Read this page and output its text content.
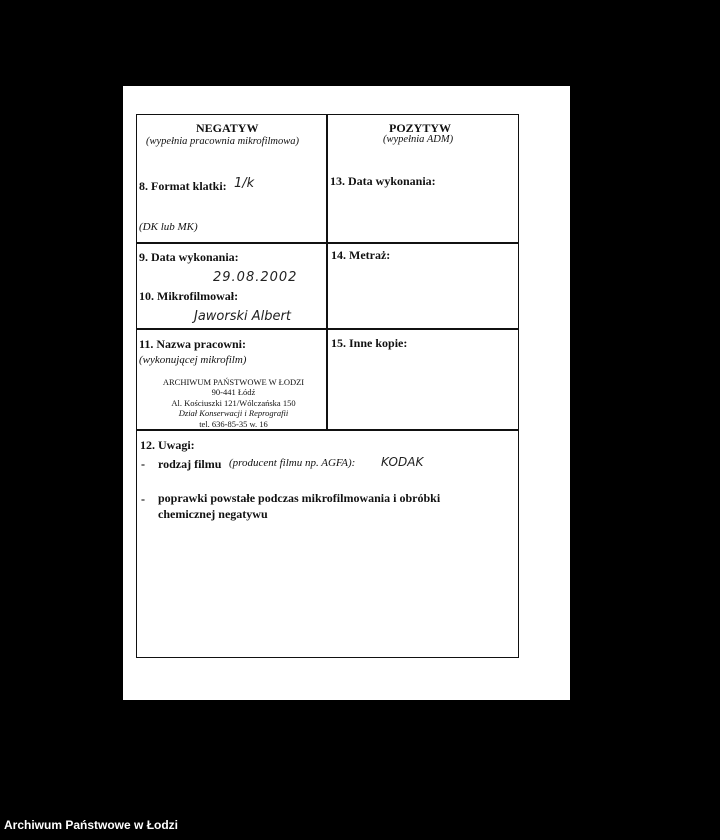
NEGATYW
(wypełnia pracownia mikrofilmowa)
POZYTYW
(wypełnia ADM)
8. Format klatki: 1/k
(DK lub MK)
13. Data wykonania:
9. Data wykonania:
29.08.2002
10. Mikrofilmował:
Jaworski Albert
14. Metraż:
11. Nazwa pracowni:
(wykonującej mikrofilm)
ARCHIWUM PAŃSTWOWE W ŁODZI
90-441 Łódź
Al. Kościuszki 121/Wólczańska 150
Dział Konserwacji i Reprografii
tel. 636-85-35 w. 16
15. Inne kopie:
12. Uwagi:
- rodzaj filmu (producent filmu np. AGFA): KODAK
- poprawki powstałe podczas mikrofilmowania i obróbki
chemicznej negatywu
Archiwum Państwowe w Łodzi
